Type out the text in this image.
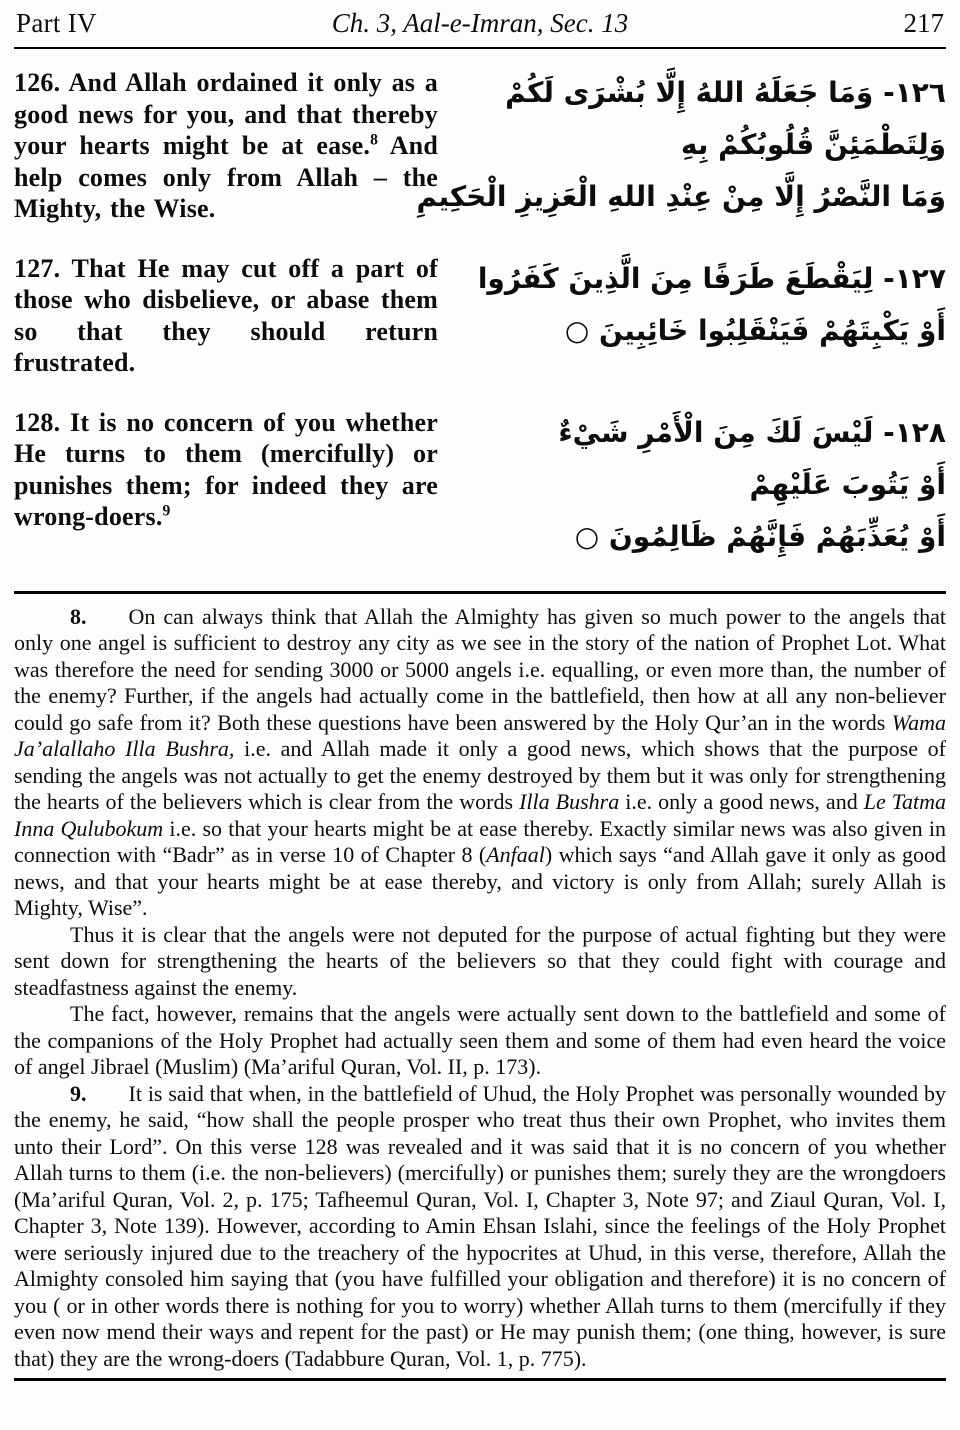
Part IV	Ch. 3, Aal-e-Imran, Sec. 13	217

126. And Allah ordained it only as a good news for you, and that thereby your hearts might be at ease.$^8$ And help comes only from Allah – the Mighty, the Wise.

١٢٦- وَمَا جَعَلَهُ اللهُ إِلَّا بُشْرَى لَكُمْ
وَلِتَطْمَئِنَّ قُلُوبُكُمْ بِهِ
وَمَا النَّصْرُ إِلَّا مِنْ عِنْدِ اللهِ الْعَزِيزِ الْحَكِيمِ

127. That He may cut off a part of those who disbelieve, or abase them so that they should return frustrated.

١٢٧- لِيَقْطَعَ طَرَفًا مِنَ الَّذِينَ كَفَرُوا
أَوْ يَكْبِتَهُمْ فَيَنْقَلِبُوا خَائِبِينَ ○

128. It is no concern of you whether He turns to them (mercifully) or punishes them; for indeed they are wrong-doers.$^9$

١٢٨- لَيْسَ لَكَ مِنَ الْأَمْرِ شَيْءٌ
أَوْ يَتُوبَ عَلَيْهِمْ
أَوْ يُعَذِّبَهُمْ فَإِنَّهُمْ ظَالِمُونَ ○

8. On can always think that Allah the Almighty has given so much power to the angels that only one angel is sufficient to destroy any city as we see in the story of the nation of Prophet Lot. What was therefore the need for sending 3000 or 5000 angels i.e. equalling, or even more than, the number of the enemy? Further, if the angels had actually come in the battlefield, then how at all any non-believer could go safe from it? Both these questions have been answered by the Holy Qur’an in the words Wama Ja’alallaho Illa Bushra, i.e. and Allah made it only a good news, which shows that the purpose of sending the angels was not actually to get the enemy destroyed by them but it was only for strengthening the hearts of the believers which is clear from the words Illa Bushra i.e. only a good news, and Le Tatma Inna Qulubokum i.e. so that your hearts might be at ease thereby. Exactly similar news was also given in connection with “Badr” as in verse 10 of Chapter 8 (Anfaal) which says “and Allah gave it only as good news, and that your hearts might be at ease thereby, and victory is only from Allah; surely Allah is Mighty, Wise”.

Thus it is clear that the angels were not deputed for the purpose of actual fighting but they were sent down for strengthening the hearts of the believers so that they could fight with courage and steadfastness against the enemy.

The fact, however, remains that the angels were actually sent down to the battlefield and some of the companions of the Holy Prophet had actually seen them and some of them had even heard the voice of angel Jibrael (Muslim) (Ma’ariful Quran, Vol. II, p. 173).

9. It is said that when, in the battlefield of Uhud, the Holy Prophet was personally wounded by the enemy, he said, “how shall the people prosper who treat thus their own Prophet, who invites them unto their Lord”. On this verse 128 was revealed and it was said that it is no concern of you whether Allah turns to them (i.e. the non-believers) (mercifully) or punishes them; surely they are the wrongdoers (Ma’ariful Quran, Vol. 2, p. 175; Tafheemul Quran, Vol. I, Chapter 3, Note 97; and Ziaul Quran, Vol. I, Chapter 3, Note 139). However, according to Amin Ehsan Islahi, since the feelings of the Holy Prophet were seriously injured due to the treachery of the hypocrites at Uhud, in this verse, therefore, Allah the Almighty consoled him saying that (you have fulfilled your obligation and therefore) it is no concern of you ( or in other words there is nothing for you to worry) whether Allah turns to them (mercifully if they even now mend their ways and repent for the past) or He may punish them; (one thing, however, is sure that) they are the wrong-doers (Tadabbure Quran, Vol. 1, p. 775).
